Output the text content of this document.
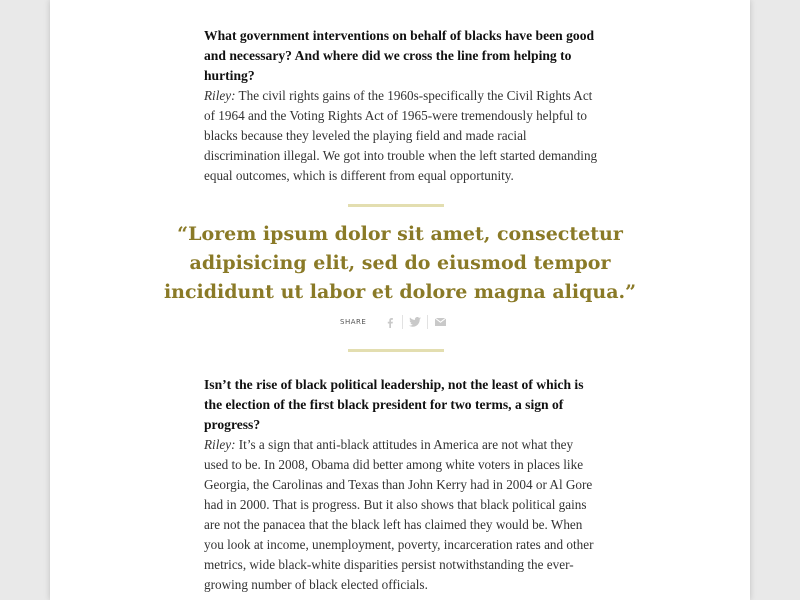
What government interventions on behalf of blacks have been good and necessary? And where did we cross the line from helping to hurting?

Riley: The civil rights gains of the 1960s-specifically the Civil Rights Act of 1964 and the Voting Rights Act of 1965-were tremendously helpful to blacks because they leveled the playing field and made racial discrimination illegal. We got into trouble when the left started demanding equal outcomes, which is different from equal opportunity.

“Lorem ipsum dolor sit amet, consectetur adipisicing elit, sed do eiusmod tempor incididunt ut labor et dolore magna aliqua.”

SHARE

Isn’t the rise of black political leadership, not the least of which is the election of the first black president for two terms, a sign of progress?

Riley: It’s a sign that anti-black attitudes in America are not what they used to be. In 2008, Obama did better among white voters in places like Georgia, the Carolinas and Texas than John Kerry had in 2004 or Al Gore had in 2000. That is progress. But it also shows that black political gains are not the panacea that the black left has claimed they would be. When you look at income, unemployment, poverty, incarceration rates and other metrics, wide black-white disparities persist notwithstanding the ever-growing number of black elected officials.
